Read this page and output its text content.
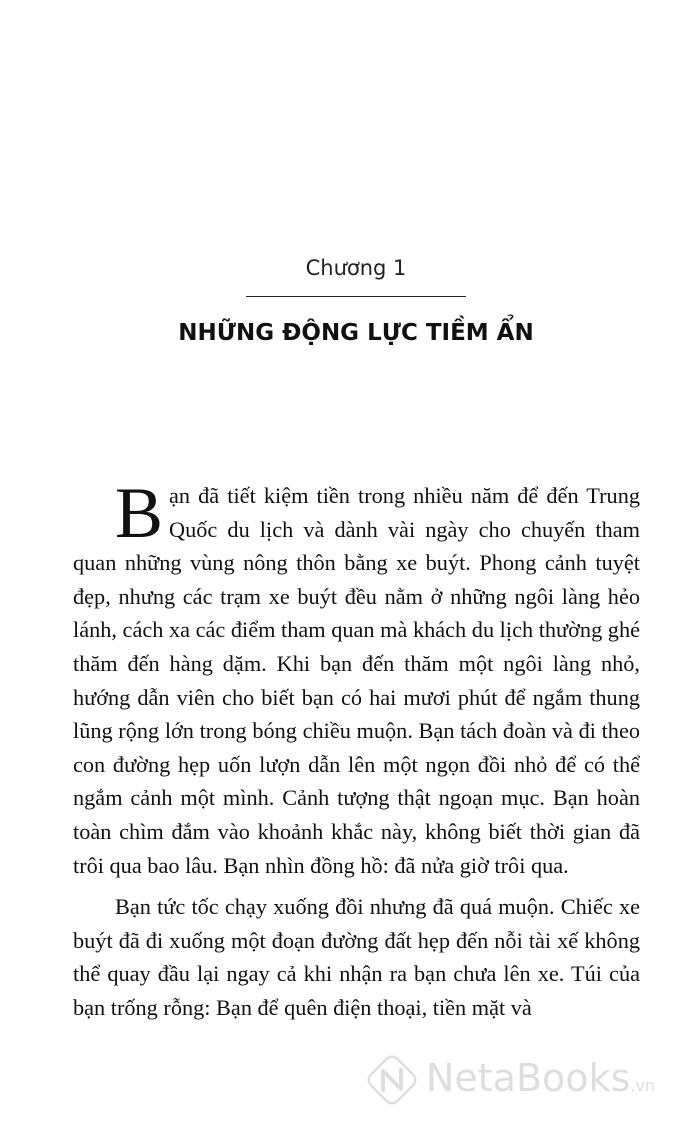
Chương 1
NHỮNG ĐỘNG LỰC TIỀM ẨN

Bạn đã tiết kiệm tiền trong nhiều năm để đến Trung Quốc du lịch và dành vài ngày cho chuyến tham quan những vùng nông thôn bằng xe buýt. Phong cảnh tuyệt đẹp, nhưng các trạm xe buýt đều nằm ở những ngôi làng hẻo lánh, cách xa các điểm tham quan mà khách du lịch thường ghé thăm đến hàng dặm. Khi bạn đến thăm một ngôi làng nhỏ, hướng dẫn viên cho biết bạn có hai mươi phút để ngắm thung lũng rộng lớn trong bóng chiều muộn. Bạn tách đoàn và đi theo con đường hẹp uốn lượn dẫn lên một ngọn đồi nhỏ để có thể ngắm cảnh một mình. Cảnh tượng thật ngoạn mục. Bạn hoàn toàn chìm đắm vào khoảnh khắc này, không biết thời gian đã trôi qua bao lâu. Bạn nhìn đồng hồ: đã nửa giờ trôi qua.

Bạn tức tốc chạy xuống đồi nhưng đã quá muộn. Chiếc xe buýt đã đi xuống một đoạn đường đất hẹp đến nỗi tài xế không thể quay đầu lại ngay cả khi nhận ra bạn chưa lên xe. Túi của bạn trống rỗng: Bạn để quên điện thoại, tiền mặt và

NetaBooks.vn
